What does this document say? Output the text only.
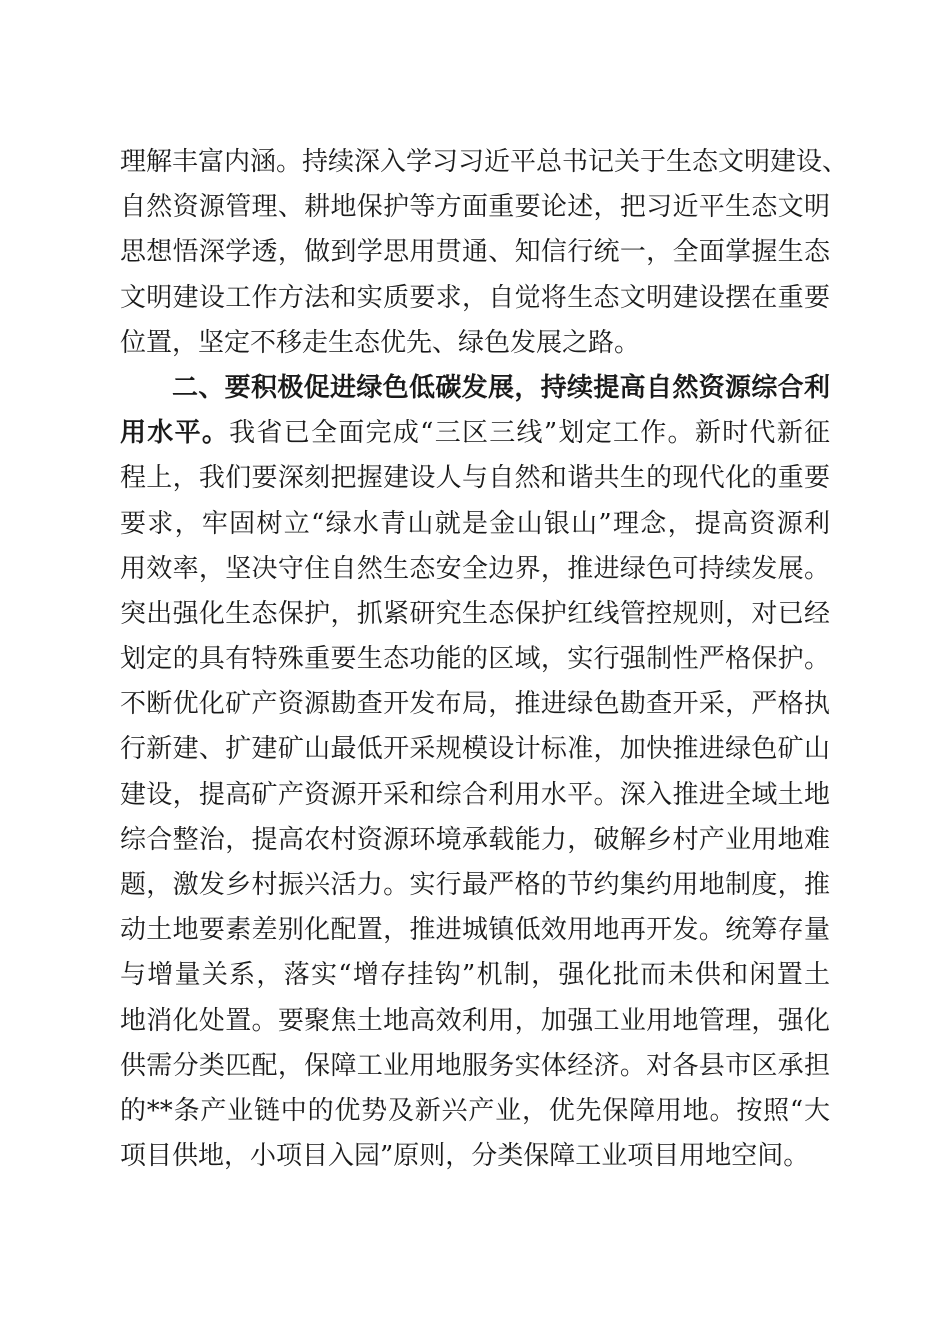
理解丰富内涵。持续深入学习习近平总书记关于生态文明建设、
自然资源管理、耕地保护等方面重要论述，把习近平生态文明
思想悟深学透，做到学思用贯通、知信行统一，全面掌握生态
文明建设工作方法和实质要求，自觉将生态文明建设摆在重要
位置，坚定不移走生态优先、绿色发展之路。
二、要积极促进绿色低碳发展，持续提高自然资源综合利
用水平。我省已全面完成“三区三线”划定工作。新时代新征
程上，我们要深刻把握建设人与自然和谐共生的现代化的重要
要求，牢固树立“绿水青山就是金山银山”理念，提高资源利
用效率，坚决守住自然生态安全边界，推进绿色可持续发展。
突出强化生态保护，抓紧研究生态保护红线管控规则，对已经
划定的具有特殊重要生态功能的区域，实行强制性严格保护。
不断优化矿产资源勘查开发布局，推进绿色勘查开采，严格执
行新建、扩建矿山最低开采规模设计标准，加快推进绿色矿山
建设，提高矿产资源开采和综合利用水平。深入推进全域土地
综合整治，提高农村资源环境承载能力，破解乡村产业用地难
题，激发乡村振兴活力。实行最严格的节约集约用地制度，推
动土地要素差别化配置，推进城镇低效用地再开发。统筹存量
与增量关系，落实“增存挂钩”机制，强化批而未供和闲置土
地消化处置。要聚焦土地高效利用，加强工业用地管理，强化
供需分类匹配，保障工业用地服务实体经济。对各县市区承担
的**条产业链中的优势及新兴产业，优先保障用地。按照“大
项目供地，小项目入园”原则，分类保障工业项目用地空间。
